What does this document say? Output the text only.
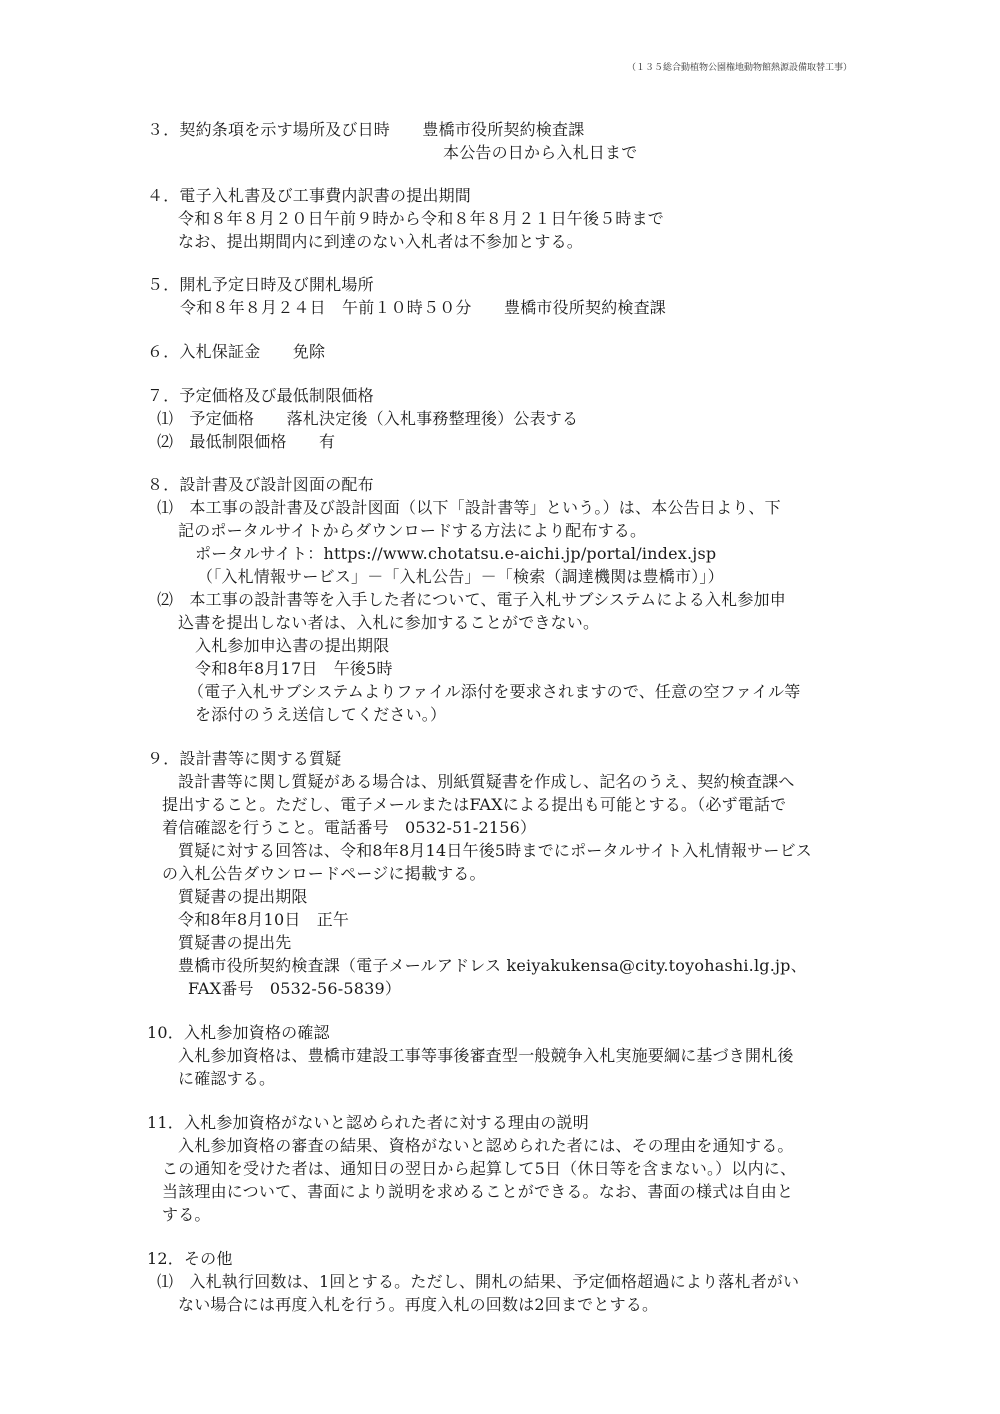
（１３５総合動植物公園権地動物館熱源設備取替工事）
３．契約条項を示す場所及び日時　　豊橋市役所契約検査課
本公告の日から入札日まで
４．電子入札書及び工事費内訳書の提出期間
令和８年８月２０日午前９時から令和８年８月２１日午後５時まで
なお、提出期間内に到達のない入札者は不参加とする。
５．開札予定日時及び開札場所
令和８年８月２４日　午前１０時５０分　　豊橋市役所契約検査課
６．入札保証金　　免除
７．予定価格及び最低制限価格
⑴　予定価格　　落札決定後（入札事務整理後）公表する
⑵　最低制限価格　　有
８．設計書及び設計図面の配布
⑴　本工事の設計書及び設計図面（以下「設計書等」という。）は、本公告日より、下
記のポータルサイトからダウンロードする方法により配布する。
ポータルサイト：https://www.chotatsu.e-aichi.jp/portal/index.jsp
（「入札情報サービス」－「入札公告」－「検索（調達機関は豊橋市）」）
⑵　本工事の設計書等を入手した者について、電子入札サブシステムによる入札参加申
込書を提出しない者は、入札に参加することができない。
入札参加申込書の提出期限
令和8年8月17日　午後5時
（電子入札サブシステムよりファイル添付を要求されますので、任意の空ファイル等
を添付のうえ送信してください。）
９．設計書等に関する質疑
設計書等に関し質疑がある場合は、別紙質疑書を作成し、記名のうえ、契約検査課へ
提出すること。ただし、電子メールまたはFAXによる提出も可能とする。（必ず電話で
着信確認を行うこと。電話番号　0532-51-2156）
質疑に対する回答は、令和8年8月14日午後5時までにポータルサイト入札情報サービス
の入札公告ダウンロードページに掲載する。
質疑書の提出期限
令和8年8月10日　正午
質疑書の提出先
豊橋市役所契約検査課（電子メールアドレス keiyakukensa@city.toyohashi.lg.jp、
FAX番号　0532-56-5839）
10．入札参加資格の確認
入札参加資格は、豊橋市建設工事等事後審査型一般競争入札実施要綱に基づき開札後
に確認する。
11．入札参加資格がないと認められた者に対する理由の説明
入札参加資格の審査の結果、資格がないと認められた者には、その理由を通知する。
この通知を受けた者は、通知日の翌日から起算して5日（休日等を含まない。）以内に、
当該理由について、書面により説明を求めることができる。なお、書面の様式は自由と
する。
12．その他
⑴　入札執行回数は、1回とする。ただし、開札の結果、予定価格超過により落札者がい
ない場合には再度入札を行う。再度入札の回数は2回までとする。
